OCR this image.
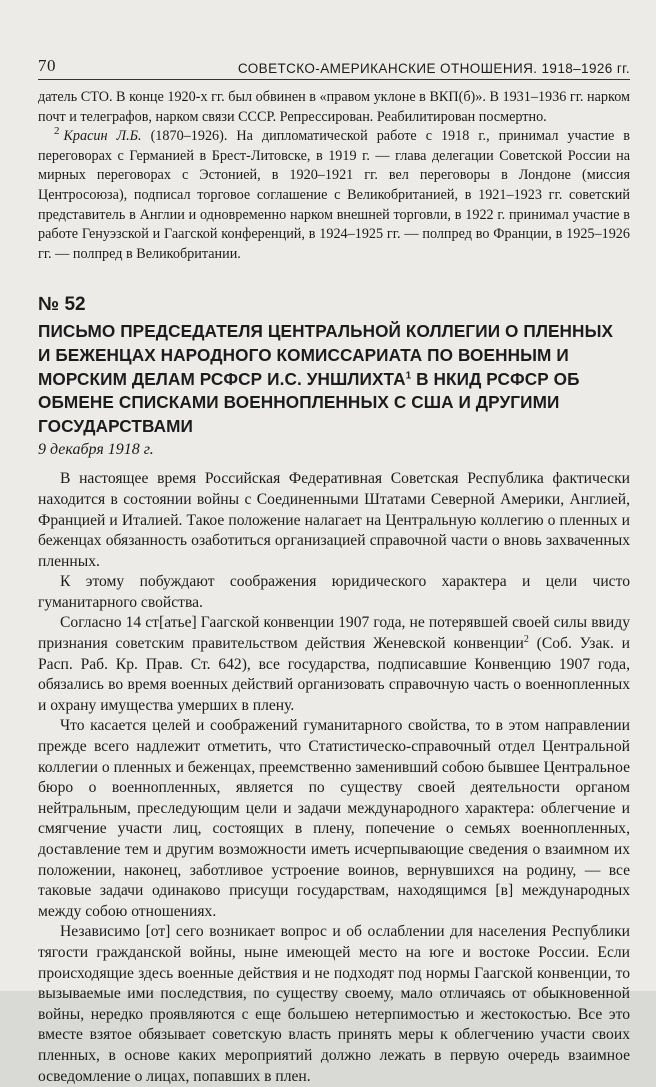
70	СОВЕТСКО-АМЕРИКАНСКИЕ ОТНОШЕНИЯ. 1918–1926 гг.

датель СТО. В конце 1920-х гг. был обвинен в «правом уклоне в ВКП(б)». В 1931–1936 гг. нарком почт и телеграфов, нарком связи СССР. Репрессирован. Реабилитирован посмертно.

$^2$ Красин Л.Б. (1870–1926). На дипломатической работе с 1918 г., принимал участие в переговорах с Германией в Брест-Литовске, в 1919 г. — глава делегации Советской России на мирных переговорах с Эстонией, в 1920–1921 гг. вел переговоры в Лондоне (миссия Центросоюза), подписал торговое соглашение с Великобританией, в 1921–1923 гг. советский представитель в Англии и одновременно нарком внешней торговли, в 1922 г. принимал участие в работе Генуэзской и Гаагской конференций, в 1924–1925 гг. — полпред во Франции, в 1925–1926 гг. — полпред в Великобритании.

№ 52
ПИСЬМО ПРЕДСЕДАТЕЛЯ ЦЕНТРАЛЬНОЙ КОЛЛЕГИИ О ПЛЕННЫХ И БЕЖЕНЦАХ НАРОДНОГО КОМИССАРИАТА ПО ВОЕННЫМ И МОРСКИМ ДЕЛАМ РСФСР И.С. УНШЛИХТА$^1$ В НКИД РСФСР ОБ ОБМЕНЕ СПИСКАМИ ВОЕННОПЛЕННЫХ С США И ДРУГИМИ ГОСУДАРСТВАМИ
9 декабря 1918 г.

В настоящее время Российская Федеративная Советская Республика фактически находится в состоянии войны с Соединенными Штатами Северной Америки, Англией, Францией и Италией. Такое положение налагает на Центральную коллегию о пленных и беженцах обязанность озаботиться организацией справочной части о вновь захваченных пленных.

К этому побуждают соображения юридического характера и цели чисто гуманитарного свойства.

Согласно 14 ст[атье] Гаагской конвенции 1907 года, не потерявшей своей силы ввиду признания советским правительством действия Женевской конвенции$^2$ (Соб. Узак. и Расп. Раб. Кр. Прав. Ст. 642), все государства, подписавшие Конвенцию 1907 года, обязались во время военных действий организовать справочную часть о военнопленных и охрану имущества умерших в плену.

Что касается целей и соображений гуманитарного свойства, то в этом направлении прежде всего надлежит отметить, что Статистическо-справочный отдел Центральной коллегии о пленных и беженцах, преемственно заменивший собою бывшее Центральное бюро о военнопленных, является по существу своей деятельности органом нейтральным, преследующим цели и задачи международного характера: облегчение и смягчение участи лиц, состоящих в плену, попечение о семьях военнопленных, доставление тем и другим возможности иметь исчерпывающие сведения о взаимном их положении, наконец, заботливое устроение воинов, вернувшихся на родину, — все таковые задачи одинаково присущи государствам, находящимся [в] международных между собою отношениях.

Независимо [от] сего возникает вопрос и об ослаблении для населения Республики тягости гражданской войны, ныне имеющей место на юге и востоке России. Если происходящие здесь военные действия и не подходят под нормы Гаагской конвенции, то вызываемые ими последствия, по существу своему, мало отличаясь от обыкновенной войны, нередко проявляются с еще большею нетерпимостью и жестокостью. Все это вместе взятое обязывает советскую власть принять меры к облегчению участи своих пленных, в основе каких мероприятий должно лежать в первую очередь взаимное осведомление о лицах, попавших в плен.
